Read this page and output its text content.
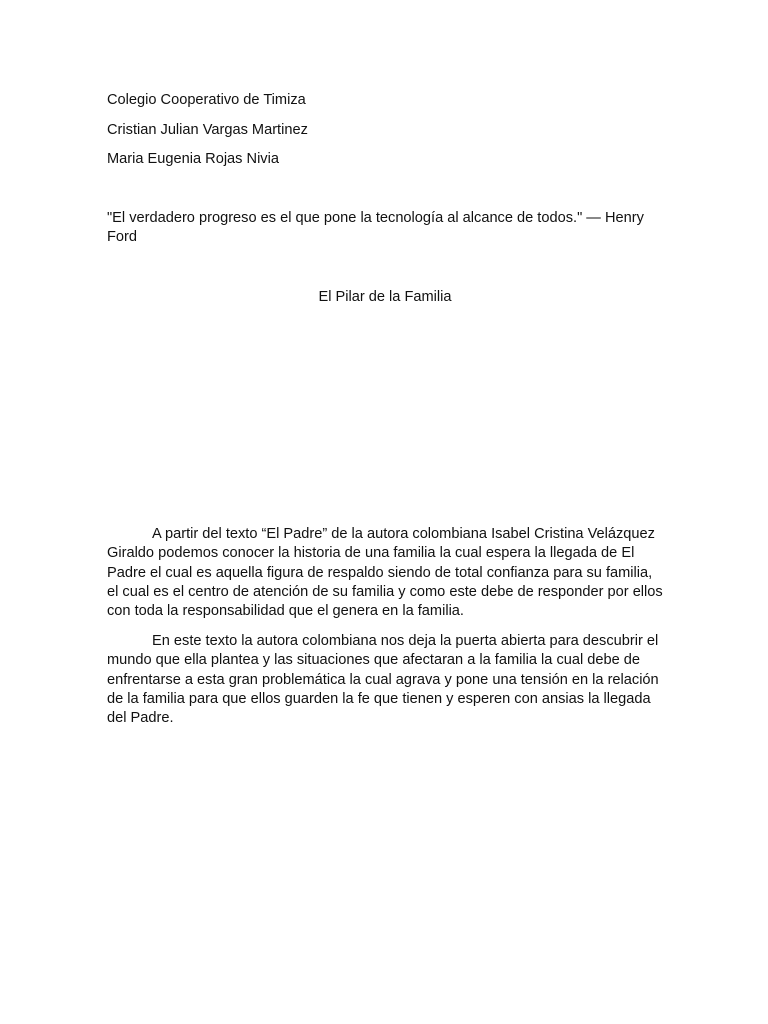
Colegio Cooperativo de Timiza

Cristian Julian Vargas Martinez

Maria Eugenia Rojas Nivia

"El verdadero progreso es el que pone la tecnología al alcance de todos." — Henry Ford

El Pilar de la Familia

A partir del texto “El Padre” de la autora colombiana Isabel Cristina Velázquez Giraldo podemos conocer la historia de una familia la cual espera la llegada de El Padre el cual es aquella figura de respaldo siendo de total confianza para su familia, el cual es el centro de atención de su familia y como este debe de responder por ellos con toda la responsabilidad que el genera en la familia.

En este texto la autora colombiana nos deja la puerta abierta para descubrir el mundo que ella plantea y las situaciones que afectaran a la familia la cual debe de enfrentarse a esta gran problemática la cual agrava y pone una tensión en la relación de la familia para que ellos guarden la fe que tienen y esperen con ansias la llegada del Padre.
